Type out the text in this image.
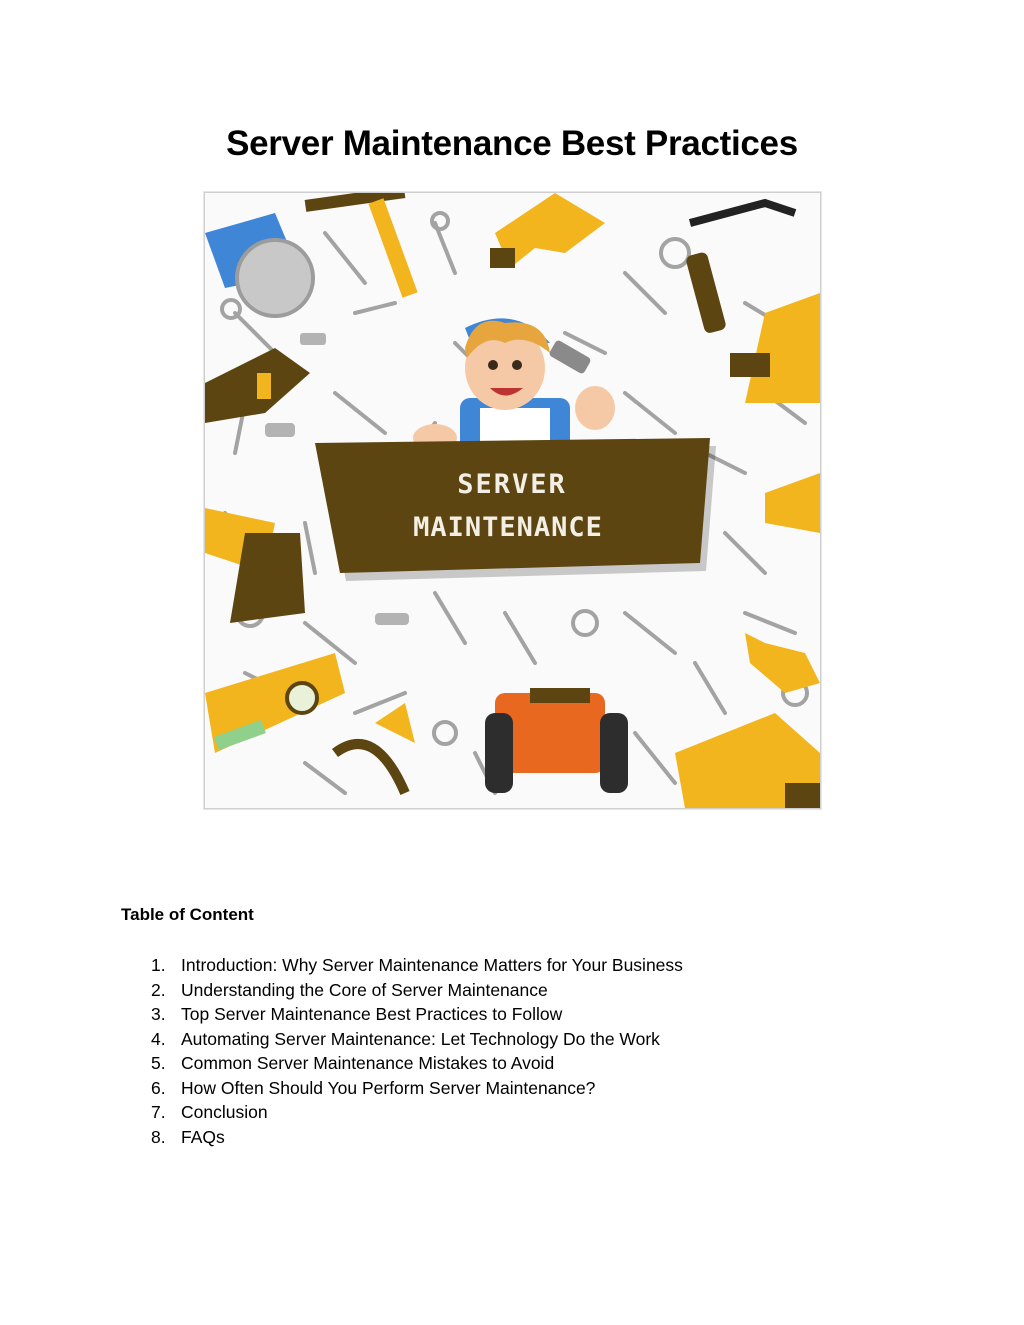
Server Maintenance Best Practices
SERVER
MAINTENANCE
Table of Content
1. Introduction: Why Server Maintenance Matters for Your Business
2. Understanding the Core of Server Maintenance
3. Top Server Maintenance Best Practices to Follow
4. Automating Server Maintenance: Let Technology Do the Work
5. Common Server Maintenance Mistakes to Avoid
6. How Often Should You Perform Server Maintenance?
7. Conclusion
8. FAQs
